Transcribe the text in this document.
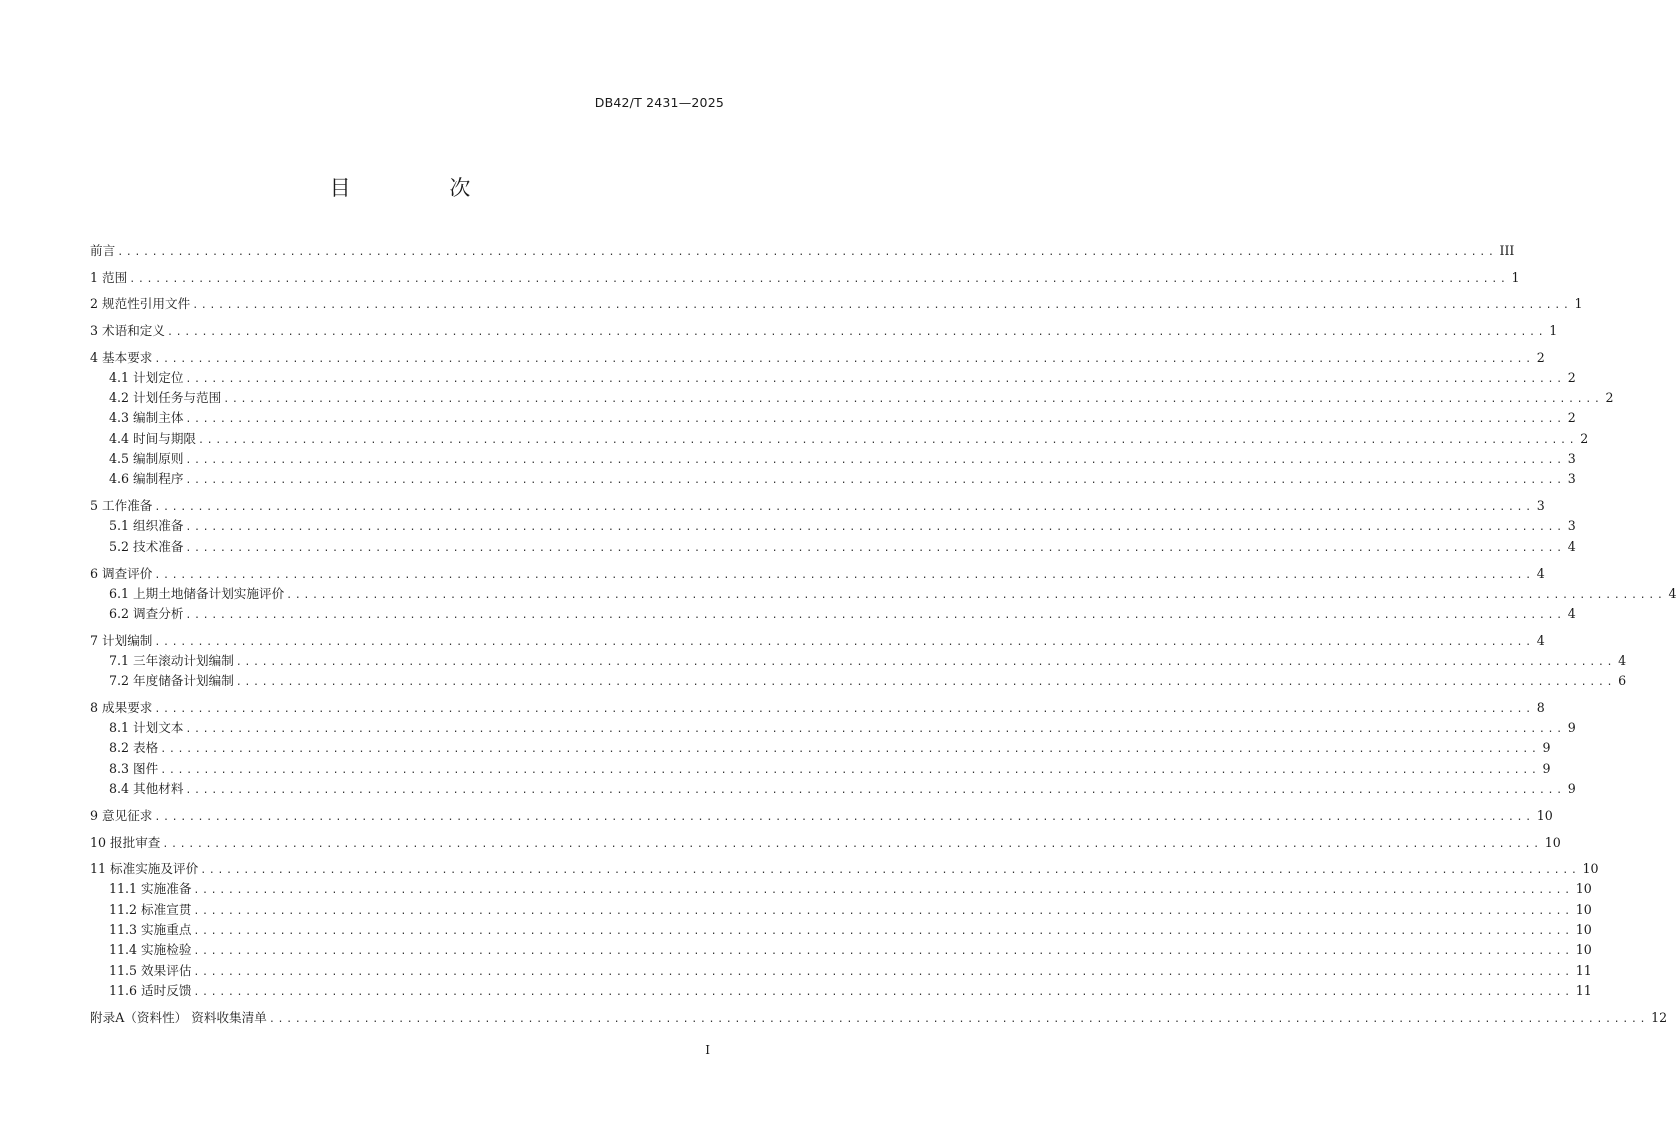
DB42/T 2431—2025
目 次
前言 ................................................................................................................................................................ III
1 范围 ................................................................................................................................................................ 1
2 规范性引用文件 ................................................................................................................................................................ 1
3 术语和定义 ................................................................................................................................................................ 1
4 基本要求 ................................................................................................................................................................ 2
4.1 计划定位 ................................................................................................................................................................ 2
4.2 计划任务与范围 ................................................................................................................................................................ 2
4.3 编制主体 ................................................................................................................................................................ 2
4.4 时间与期限 ................................................................................................................................................................ 2
4.5 编制原则 ................................................................................................................................................................ 3
4.6 编制程序 ................................................................................................................................................................ 3
5 工作准备 ................................................................................................................................................................ 3
5.1 组织准备 ................................................................................................................................................................ 3
5.2 技术准备 ................................................................................................................................................................ 4
6 调查评价 ................................................................................................................................................................ 4
6.1 上期土地储备计划实施评价 ................................................................................................................................................................ 4
6.2 调查分析 ................................................................................................................................................................ 4
7 计划编制 ................................................................................................................................................................ 4
7.1 三年滚动计划编制 ................................................................................................................................................................ 4
7.2 年度储备计划编制 ................................................................................................................................................................ 6
8 成果要求 ................................................................................................................................................................ 8
8.1 计划文本 ................................................................................................................................................................ 9
8.2 表格 ................................................................................................................................................................ 9
8.3 图件 ................................................................................................................................................................ 9
8.4 其他材料 ................................................................................................................................................................ 9
9 意见征求 ................................................................................................................................................................ 10
10 报批审查 ................................................................................................................................................................ 10
11 标准实施及评价 ................................................................................................................................................................ 10
11.1 实施准备 ................................................................................................................................................................ 10
11.2 标准宣贯 ................................................................................................................................................................ 10
11.3 实施重点 ................................................................................................................................................................ 10
11.4 实施检验 ................................................................................................................................................................ 10
11.5 效果评估 ................................................................................................................................................................ 11
11.6 适时反馈 ................................................................................................................................................................ 11
附录A（资料性） 资料收集清单 ................................................................................................................................................................ 12
I
